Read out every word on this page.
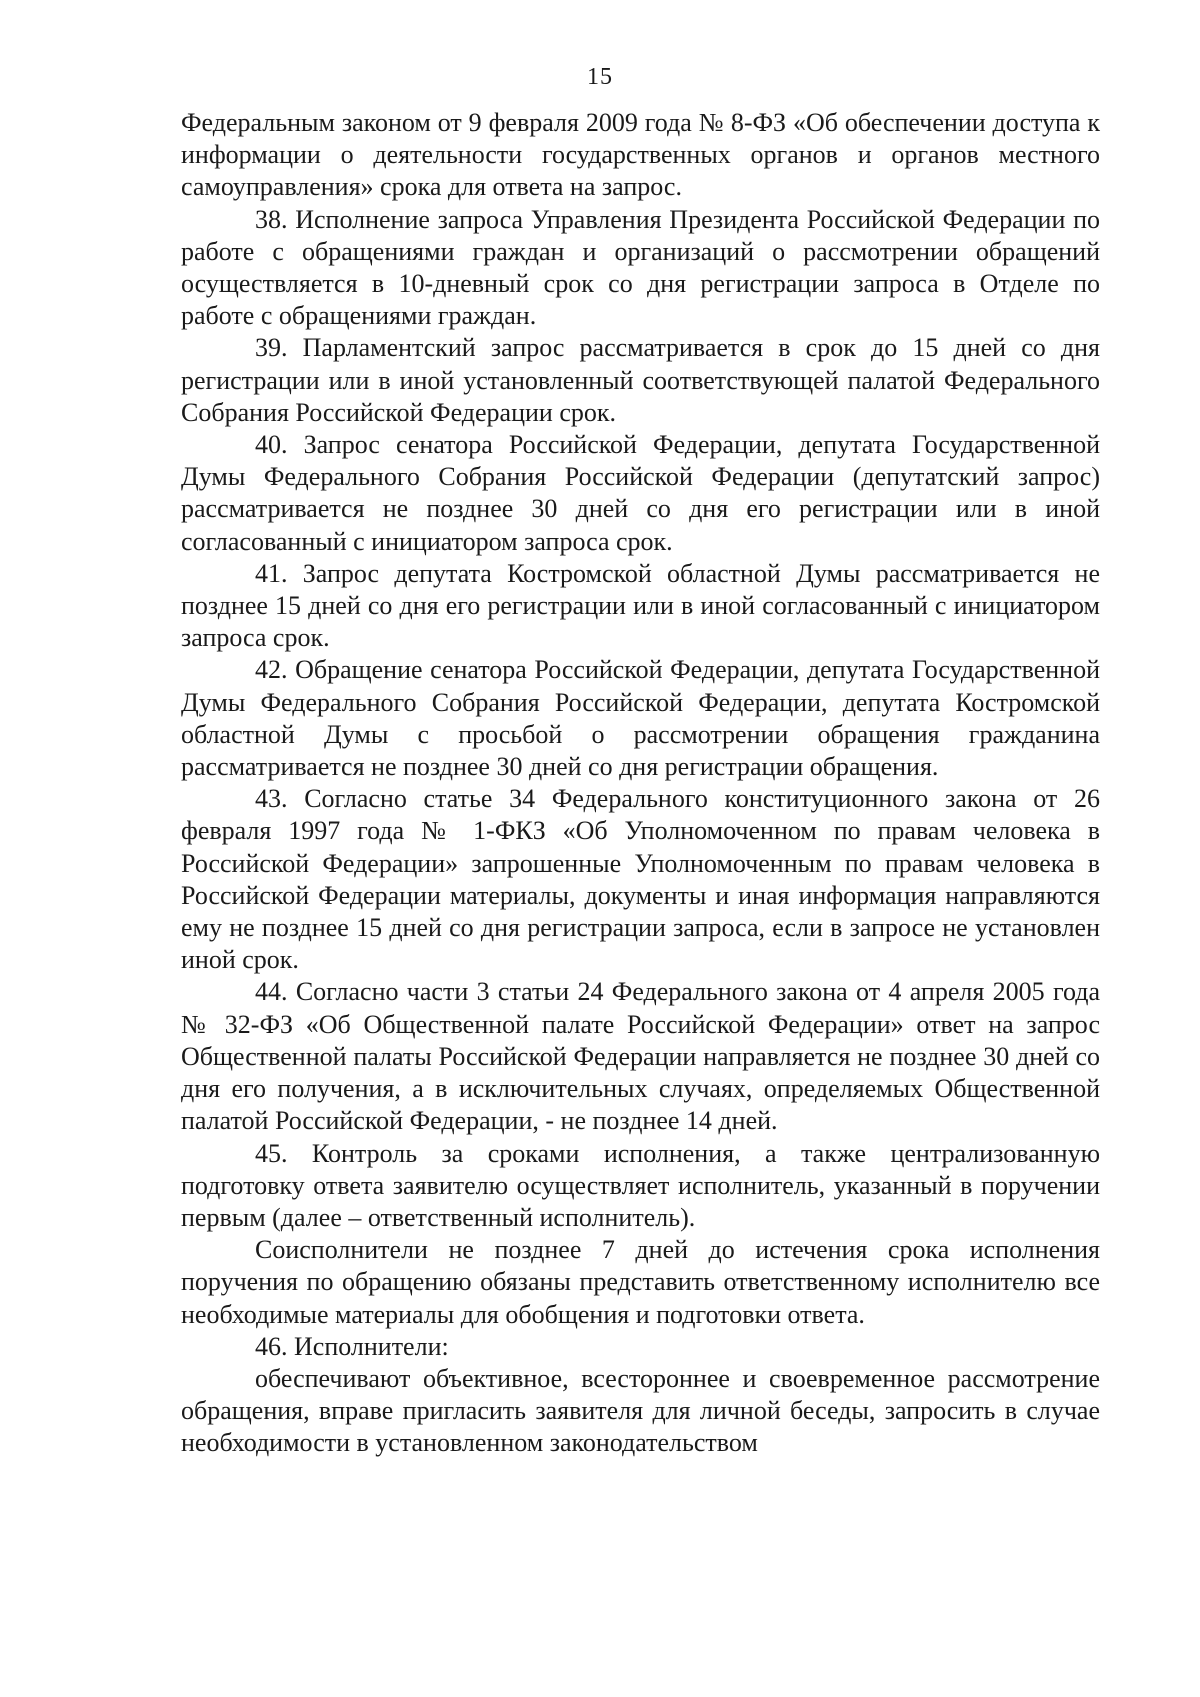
15

Федеральным законом от 9 февраля 2009 года № 8-ФЗ «Об обеспечении доступа к информации о деятельности государственных органов и органов местного самоуправления» срока для ответа на запрос.

38. Исполнение запроса Управления Президента Российской Федерации по работе с обращениями граждан и организаций о рассмотрении обращений осуществляется в 10-дневный срок со дня регистрации запроса в Отделе по работе с обращениями граждан.

39. Парламентский запрос рассматривается в срок до 15 дней со дня регистрации или в иной установленный соответствующей палатой Федерального Собрания Российской Федерации срок.

40. Запрос сенатора Российской Федерации, депутата Государственной Думы Федерального Собрания Российской Федерации (депутатский запрос) рассматривается не позднее 30 дней со дня его регистрации или в иной согласованный с инициатором запроса срок.

41. Запрос депутата Костромской областной Думы рассматривается не позднее 15 дней со дня его регистрации или в иной согласованный с инициатором запроса срок.

42. Обращение сенатора Российской Федерации, депутата Государственной Думы Федерального Собрания Российской Федерации, депутата Костромской областной Думы с просьбой о рассмотрении обращения гражданина рассматривается не позднее 30 дней со дня регистрации обращения.

43. Согласно статье 34 Федерального конституционного закона от 26 февраля 1997 года № 1-ФКЗ «Об Уполномоченном по правам человека в Российской Федерации» запрошенные Уполномоченным по правам человека в Российской Федерации материалы, документы и иная информация направляются ему не позднее 15 дней со дня регистрации запроса, если в запросе не установлен иной срок.

44. Согласно части 3 статьи 24 Федерального закона от 4 апреля 2005 года № 32-ФЗ «Об Общественной палате Российской Федерации» ответ на запрос Общественной палаты Российской Федерации направляется не позднее 30 дней со дня его получения, а в исключительных случаях, определяемых Общественной палатой Российской Федерации, - не позднее 14 дней.

45. Контроль за сроками исполнения, а также централизованную подготовку ответа заявителю осуществляет исполнитель, указанный в поручении первым (далее – ответственный исполнитель).

Соисполнители не позднее 7 дней до истечения срока исполнения поручения по обращению обязаны представить ответственному исполнителю все необходимые материалы для обобщения и подготовки ответа.

46. Исполнители:

обеспечивают объективное, всестороннее и своевременное рассмотрение обращения, вправе пригласить заявителя для личной беседы, запросить в случае необходимости в установленном законодательством
